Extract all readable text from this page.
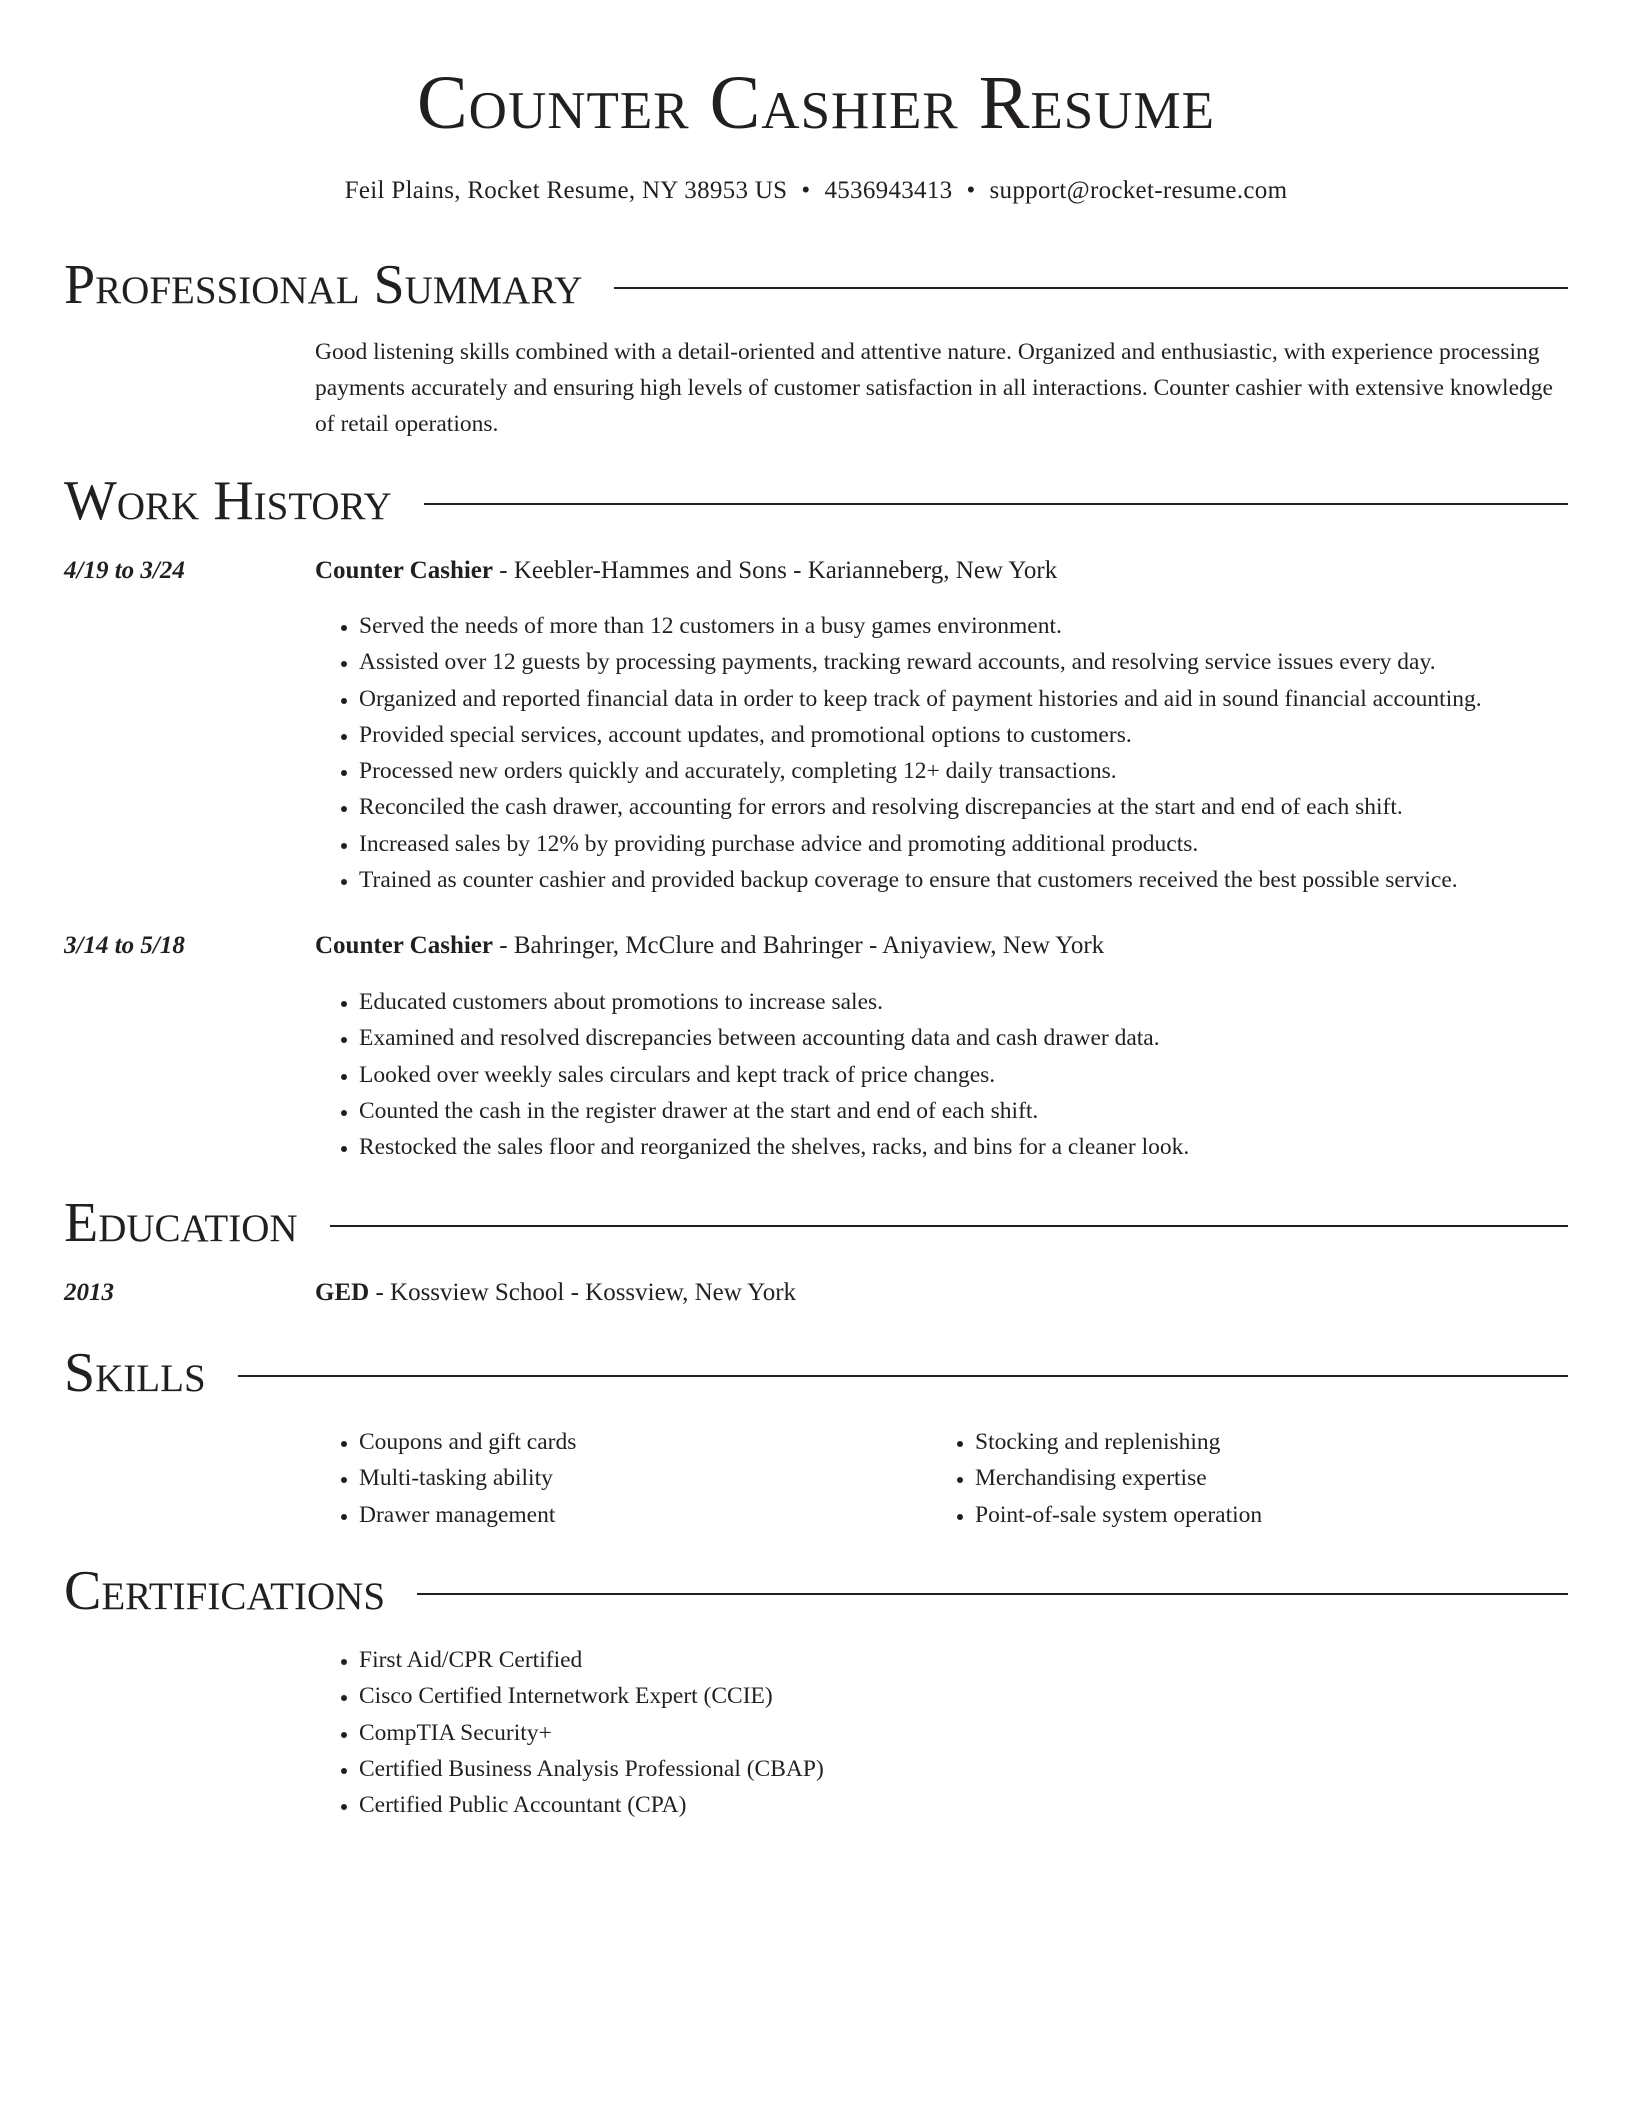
Counter Cashier Resume
Feil Plains, Rocket Resume, NY 38953 US • 4536943413 • support@rocket-resume.com
Professional Summary

Good listening skills combined with a detail-oriented and attentive nature. Organized and enthusiastic, with experience processing payments accurately and ensuring high levels of customer satisfaction in all interactions. Counter cashier with extensive knowledge of retail operations.

Work History
4/19 to 3/24	Counter Cashier - Keebler-Hammes and Sons - Karianneberg, New York
• Served the needs of more than 12 customers in a busy games environment.
• Assisted over 12 guests by processing payments, tracking reward accounts, and resolving service issues every day.
• Organized and reported financial data in order to keep track of payment histories and aid in sound financial accounting.
• Provided special services, account updates, and promotional options to customers.
• Processed new orders quickly and accurately, completing 12+ daily transactions.
• Reconciled the cash drawer, accounting for errors and resolving discrepancies at the start and end of each shift.
• Increased sales by 12% by providing purchase advice and promoting additional products.
• Trained as counter cashier and provided backup coverage to ensure that customers received the best possible service.
3/14 to 5/18	Counter Cashier - Bahringer, McClure and Bahringer - Aniyaview, New York
• Educated customers about promotions to increase sales.
• Examined and resolved discrepancies between accounting data and cash drawer data.
• Looked over weekly sales circulars and kept track of price changes.
• Counted the cash in the register drawer at the start and end of each shift.
• Restocked the sales floor and reorganized the shelves, racks, and bins for a cleaner look.
Education
2013	GED - Kossview School - Kossview, New York
Skills
• Coupons and gift cards
• Multi-tasking ability
• Drawer management
• Stocking and replenishing
• Merchandising expertise
• Point-of-sale system operation
Certifications
• First Aid/CPR Certified
• Cisco Certified Internetwork Expert (CCIE)
• CompTIA Security+
• Certified Business Analysis Professional (CBAP)
• Certified Public Accountant (CPA)
